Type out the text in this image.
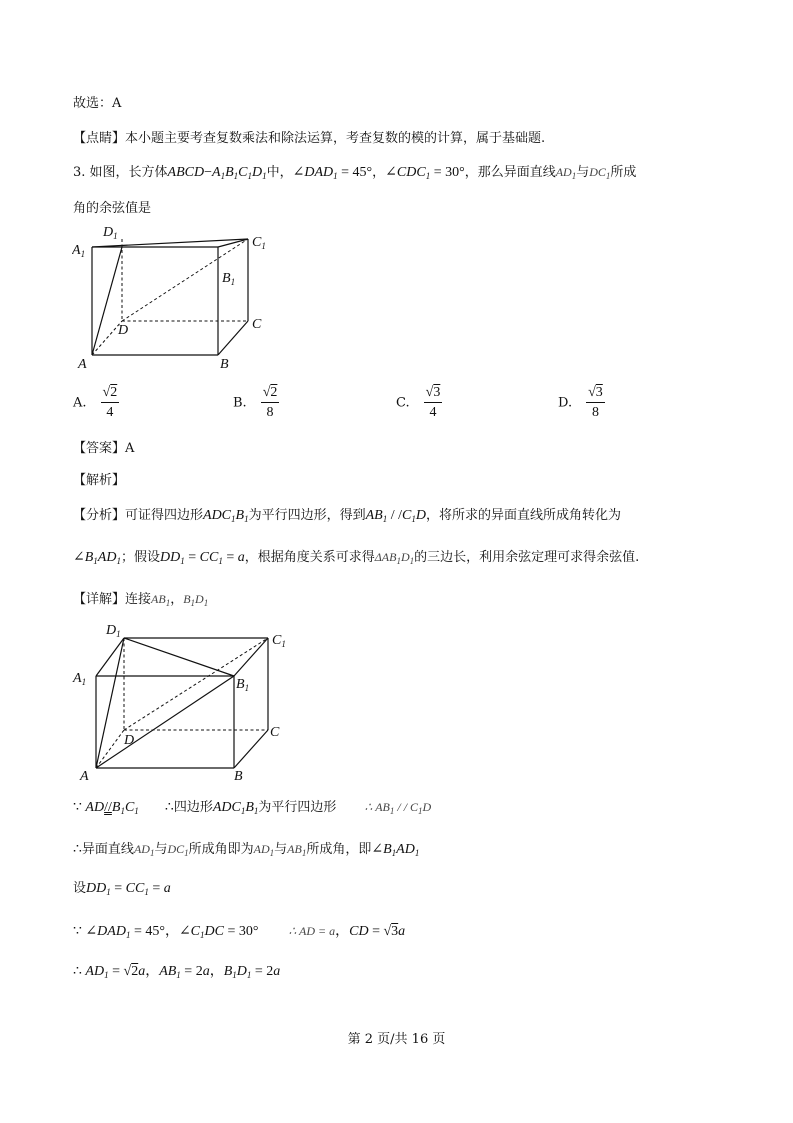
故选：A
【点睛】本小题主要考查复数乘法和除法运算，考查复数的模的计算，属于基础题.
3. 如图，长方体$ABCD-A_1B_1C_1D_1$中，$\angle DAD_1 = 45^\circ$，$\angle CDC_1 = 30^\circ$，那么异面直线$AD_1$与$DC_1$所成
角的余弦值是
$D_1$	$C_1$
$A_1$
$B_1$
D	C
A	B
A. $\frac{√2}{4}$	B. $\frac{√2}{8}$	C. $\frac{√3}{4}$	D. $\frac{√3}{8}$
【答案】A
【解析】
【分析】可证得四边形$ADC_1B_1$为平行四边形，得到$AB_1 / /C_1D$，将所求的异面直线所成角转化为
$\angle B_1AD_1$；假设$DD_1 = CC_1 = a$，根据角度关系可求得$\Delta AB_1D_1$的三边长，利用余弦定理可求得余弦值.
【详解】连接$AB_1$，$B_1D_1$
$D_1$	$C_1$
$A_1$	$B_1$
D
C
A	B
∵ $AD//B_1C_1$ ∴四边形$ADC_1B_1$为平行四边形 ∴ $AB_1$ / / $C_1D$
∴异面直线$AD_1$与$DC_1$所成角即为$AD_1$与$AB_1$所成角，即$\angle B_1AD_1$
设$DD_1 = CC_1 = a$
∵ $\angle DAD_1 = 45^\circ$，$\angle C_1DC = 30^\circ$	∴ AD = a，CD = √3a
∴ $AD_1 = √2a$，$AB_1 = 2a$，$B_1D_1 = 2a$
第 2 页/共 16 页
